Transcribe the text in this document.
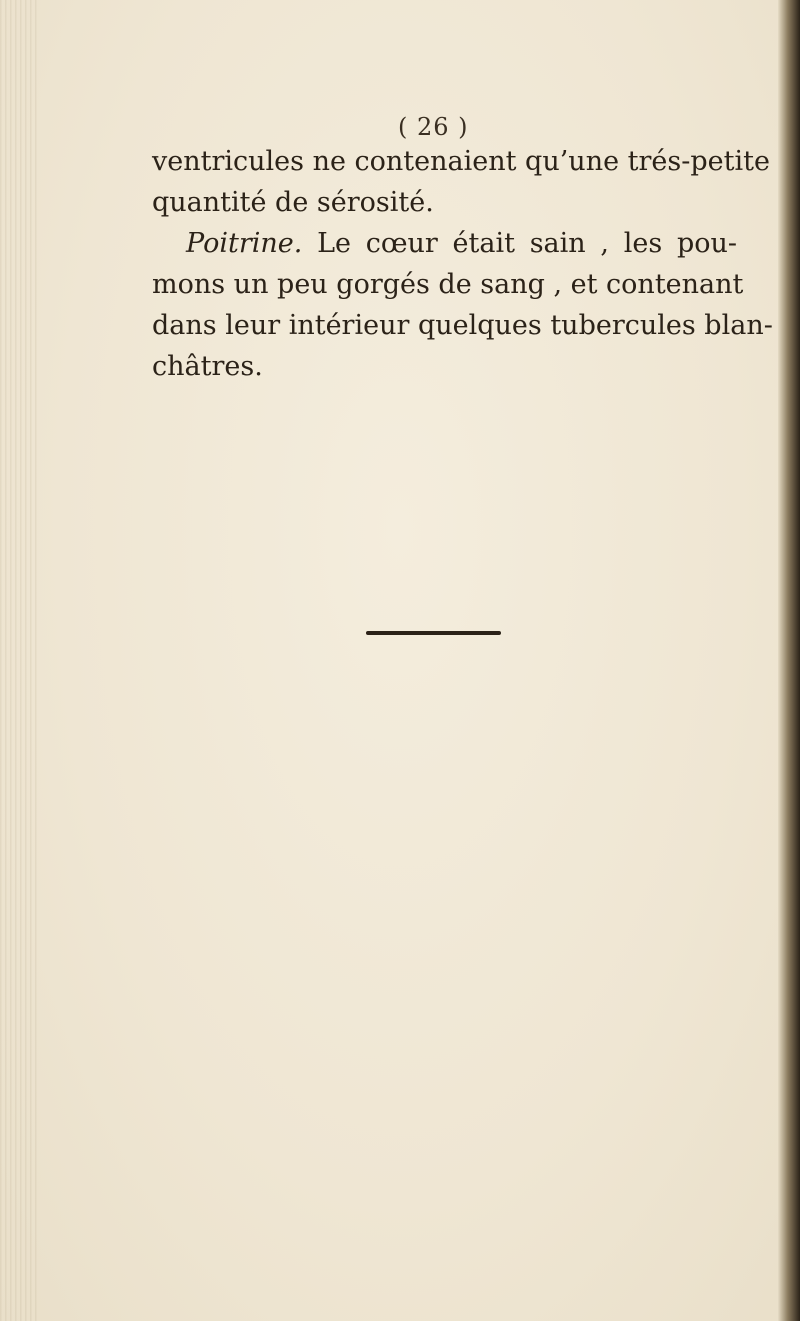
( 26 )
ventricules ne contenaient qu’une trés-petite
quantité de sérosité.
Poitrine. Le cœur était sain , les pou-
mons un peu gorgés de sang , et contenant
dans leur intérieur quelques tubercules blan-
châtres.
